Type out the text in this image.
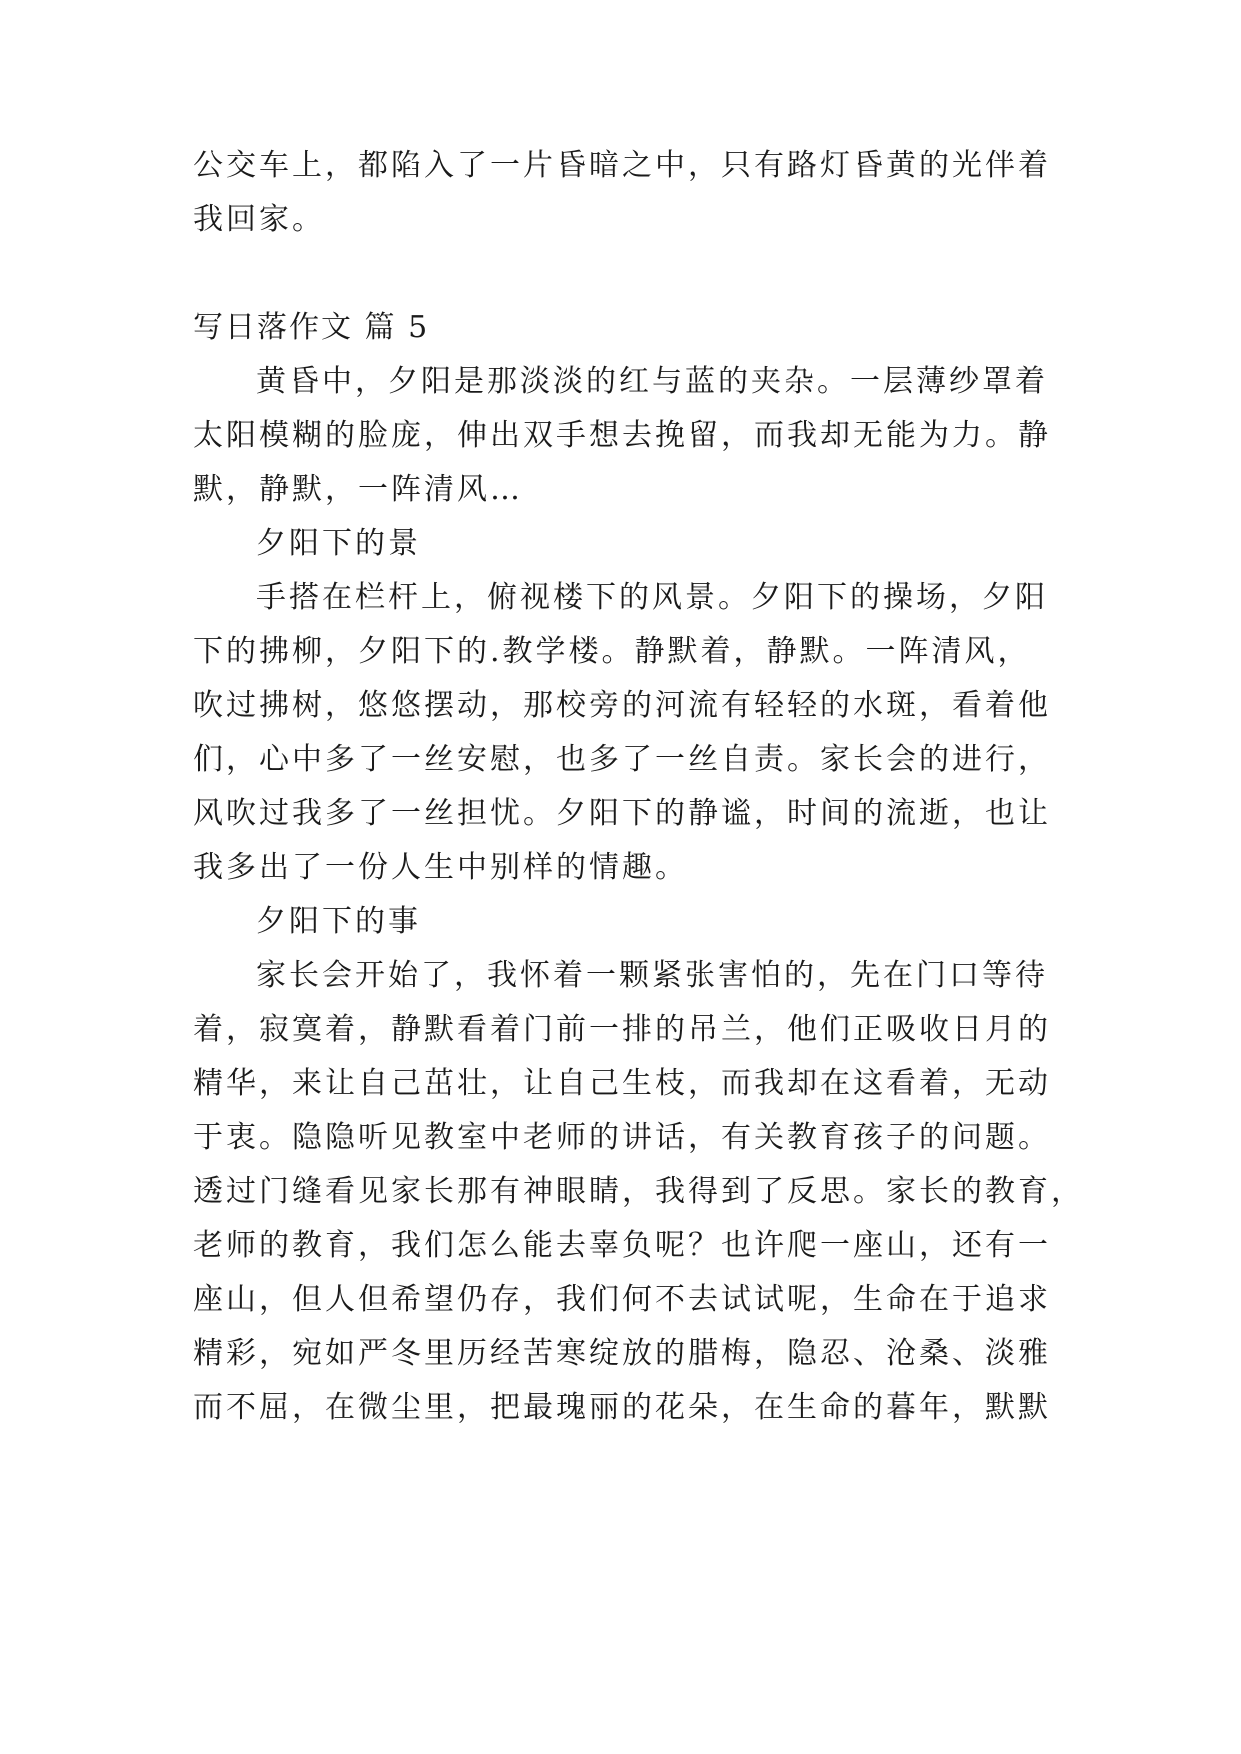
公交车上，都陷入了一片昏暗之中，只有路灯昏黄的光伴着
我回家。
写日落作文 篇 5
黄昏中，夕阳是那淡淡的红与蓝的夹杂。一层薄纱罩着
太阳模糊的脸庞，伸出双手想去挽留，而我却无能为力。静
默，静默，一阵清风…
夕阳下的景
手搭在栏杆上，俯视楼下的风景。夕阳下的操场，夕阳
下的拂柳，夕阳下的.教学楼。静默着，静默。一阵清风，
吹过拂树，悠悠摆动，那校旁的河流有轻轻的水斑，看着他
们，心中多了一丝安慰，也多了一丝自责。家长会的进行，
风吹过我多了一丝担忧。夕阳下的静谧，时间的流逝，也让
我多出了一份人生中别样的情趣。
夕阳下的事
家长会开始了，我怀着一颗紧张害怕的，先在门口等待
着，寂寞着，静默看着门前一排的吊兰，他们正吸收日月的
精华，来让自己茁壮，让自己生枝，而我却在这看着，无动
于衷。隐隐听见教室中老师的讲话，有关教育孩子的问题。
透过门缝看见家长那有神眼睛，我得到了反思。家长的教育，
老师的教育，我们怎么能去辜负呢？也许爬一座山，还有一
座山，但人但希望仍存，我们何不去试试呢，生命在于追求
精彩，宛如严冬里历经苦寒绽放的腊梅，隐忍、沧桑、淡雅
而不屈，在微尘里，把最瑰丽的花朵，在生命的暮年，默默
